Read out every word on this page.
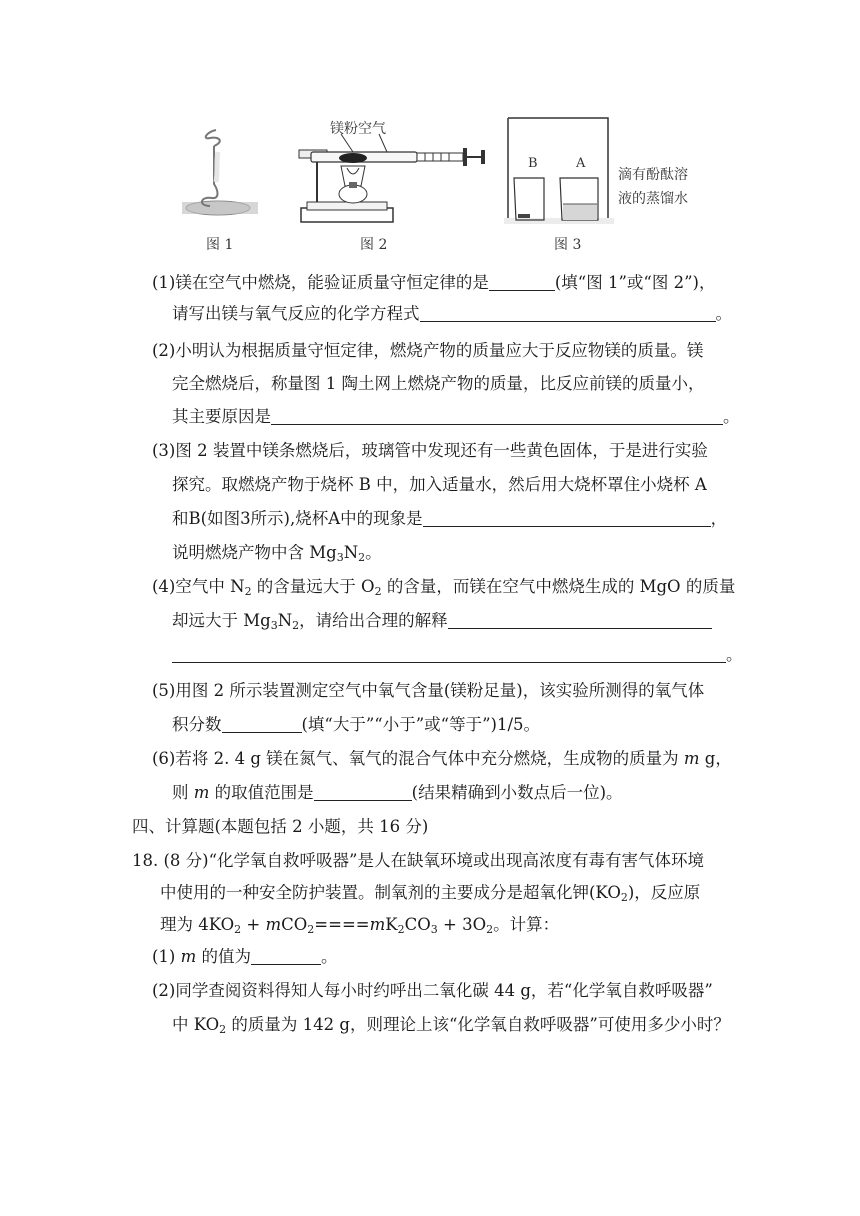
图 1
镁粉空气
图 2
B	A
滴有酚酞溶
液的蒸馏水
图 3
(1)镁在空气中燃烧，能验证质量守恒定律的是	(填“图 1”或“图 2”)，
请写出镁与氧气反应的化学方程式	。
(2)小明认为根据质量守恒定律，燃烧产物的质量应大于反应物镁的质量。镁
完全燃烧后，称量图 1 陶土网上燃烧产物的质量，比反应前镁的质量小，
其主要原因是	。
(3)图 2 装置中镁条燃烧后，玻璃管中发现还有一些黄色固体，于是进行实验
探究。取燃烧产物于烧杯 B 中，加入适量水，然后用大烧杯罩住小烧杯 A
和B(如图3所示),烧杯A中的现象是	，
说明燃烧产物中含 $Mg_3N_2$。
(4)空气中 $N_2$ 的含量远大于 $O_2$ 的含量，而镁在空气中燃烧生成的 MgO 的质量
却远大于 $Mg_3N_2$，请给出合理的解释
。
(5)用图 2 所示装置测定空气中氧气含量(镁粉足量)，该实验所测得的氧气体
积分数	(填“大于”“小于”或“等于”)1/5。
(6)若将 2. 4 g 镁在氮气、氧气的混合气体中充分燃烧，生成物的质量为 m g，
则 m 的取值范围是	(结果精确到小数点后一位)。
四、计算题(本题包括 2 小题，共 16 分)
18. (8 分)“化学氧自救呼吸器”是人在缺氧环境或出现高浓度有毒有害气体环境
中使用的一种安全防护装置。制氧剂的主要成分是超氧化钾$(KO_2)$，反应原
理为 $4KO_2 + mCO_2====mK_2CO_3 + 3O_2$。计算：
(1) m 的值为	。
(2)同学查阅资料得知人每小时约呼出二氧化碳 44 g，若“化学氧自救呼吸器”
中 $KO_2$ 的质量为 142 g，则理论上该“化学氧自救呼吸器”可使用多少小时？
